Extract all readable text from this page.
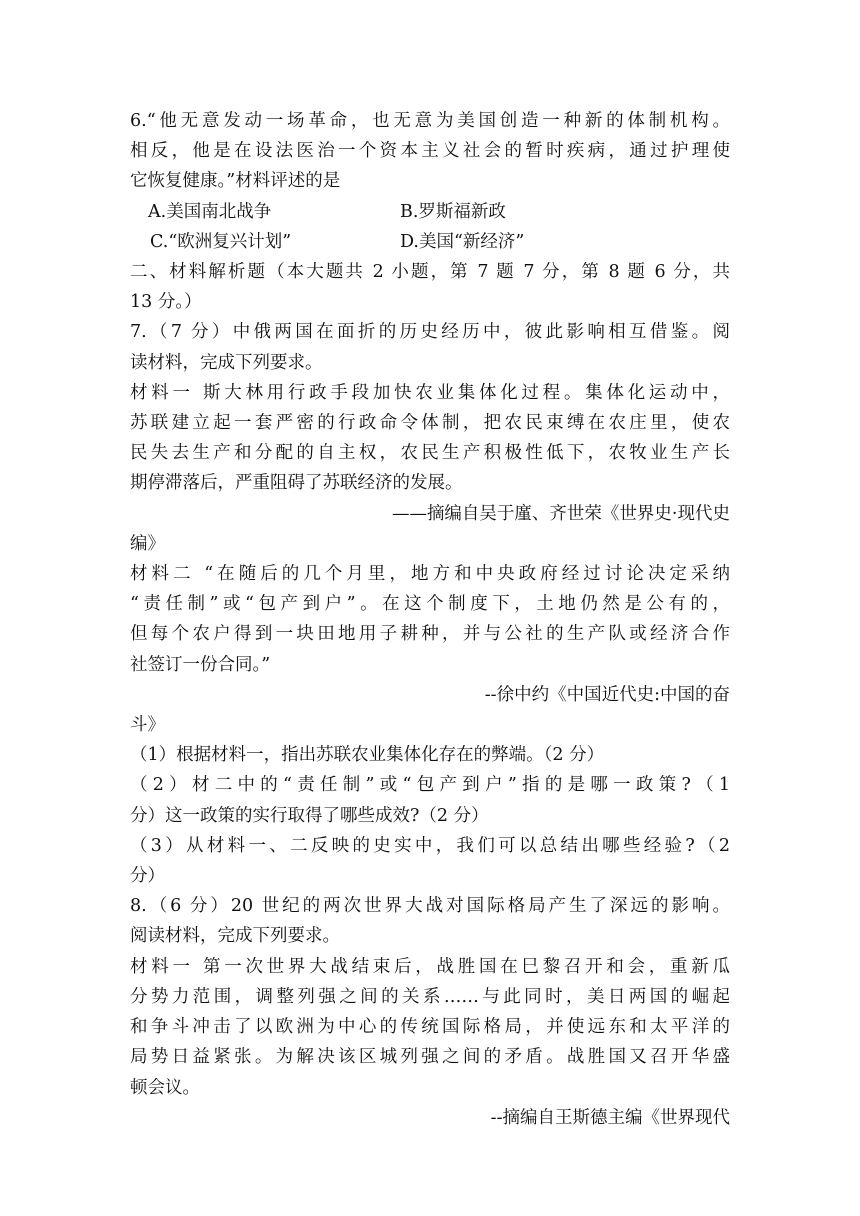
6.“他无意发动一场革命，也无意为美国创造一种新的体制机构。

相反，他是在设法医治一个资本主义社会的暂时疾病，通过护理使

它恢复健康。”材料评述的是

A.美国南北战争	B.罗斯福新政
C.“欧洲复兴计划”	D.美国“新经济”

二、材料解析题（本大题共 2 小题，第 7 题 7 分，第 8 题 6 分，共

13 分。）

7.（7 分）中俄两国在面折的历史经历中，彼此影响相互借鉴。阅

读材料，完成下列要求。

材料一 斯大林用行政手段加快农业集体化过程。集体化运动中，

苏联建立起一套严密的行政命令体制，把农民束缚在农庄里，使农

民失去生产和分配的自主权，农民生产积极性低下，农牧业生产长

期停滞落后，严重阻碍了苏联经济的发展。

——摘编自吴于廑、齐世荣《世界史·现代史

编》

材料二 “在随后的几个月里，地方和中央政府经过讨论决定采纳

“责任制”或“包产到户”。在这个制度下，土地仍然是公有的，

但每个农户得到一块田地用子耕种，并与公社的生产队或经济合作

社签订一份合同。”

--徐中约《中国近代史:中国的奋

斗》

（1）根据材料一，指出苏联农业集体化存在的弊端。（2 分）

（2）材二中的“责任制”或“包产到户”指的是哪一政策?（1

分）这一政策的实行取得了哪些成效?（2 分）

（3）从材料一、二反映的史实中，我们可以总结出哪些经验?（2

分）

8.（6 分）20 世纪的两次世界大战对国际格局产生了深远的影响。

阅读材料，完成下列要求。

材料一 第一次世界大战结束后，战胜国在巳黎召开和会，重新瓜

分势力范围，调整列强之间的关系……与此同时，美日两国的崛起

和争斗冲击了以欧洲为中心的传统国际格局，并使远东和太平洋的

局势日益紧张。为解决该区城列强之间的矛盾。战胜国又召开华盛

顿会议。

--摘编自王斯德主编《世界现代
